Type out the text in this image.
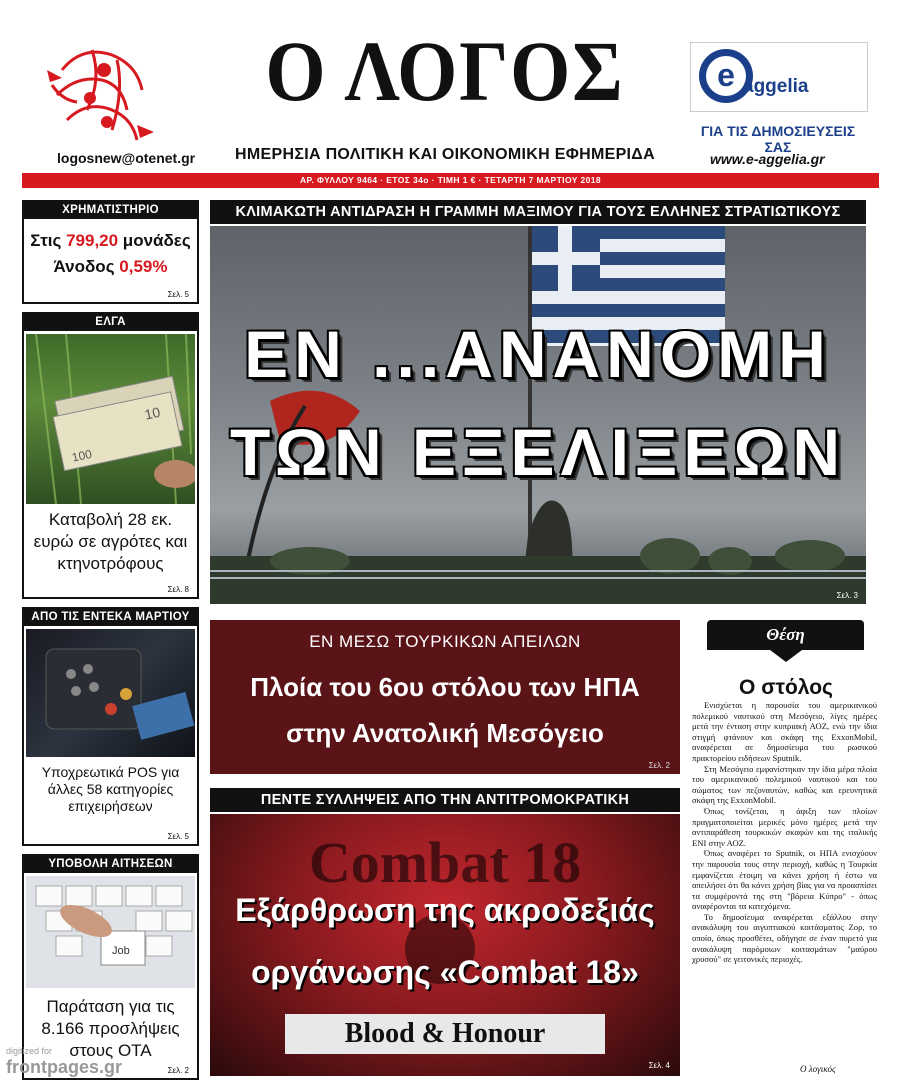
logosnew@otenet.gr
Ο ΛΟΓΟΣ
ΗΜΕΡΗΣΙΑ ΠΟΛΙΤΙΚΗ ΚΑΙ ΟΙΚΟΝΟΜΙΚΗ ΕΦΗΜΕΡΙΔΑ
e aggelia
ΓΙΑ ΤΙΣ ΔΗΜΟΣΙΕΥΣΕΙΣ ΣΑΣ
www.e-aggelia.gr
ΑΡ. ΦΥΛΛΟΥ 9464 · ΕΤΟΣ 34ο · ΤΙΜΗ 1 € · ΤΕΤΑΡΤΗ 7 ΜΑΡΤΙΟΥ 2018
ΧΡΗΜΑΤΙΣΤΗΡΙΟ
Στις 799,20 μονάδες
Άνοδος 0,59%
Σελ. 5
ΕΛΓΑ
100
10
Καταβολή 28 εκ. ευρώ σε αγρότες και κτηνοτρόφους
Σελ. 8
ΑΠΟ ΤΙΣ ΕΝΤΕΚΑ ΜΑΡΤΙΟΥ
Υποχρεωτικά POS για άλλες 58 κατηγορίες επιχειρήσεων
Σελ. 5
ΥΠΟΒΟΛΗ ΑΙΤΗΣΕΩΝ
Job
Παράταση για τις 8.166 προσλήψεις στους ΟΤΑ
Σελ. 2
ΚΛΙΜΑΚΩΤΗ ΑΝΤΙΔΡΑΣΗ Η ΓΡΑΜΜΗ ΜΑΞΙΜΟΥ ΓΙΑ ΤΟΥΣ ΕΛΛΗΝΕΣ ΣΤΡΑΤΙΩΤΙΚΟΥΣ
ΕΝ ...ΑΝΑΝΟΜΗ
ΤΩΝ ΕΞΕΛΙΞΕΩΝ
Σελ. 3
ΕΝ ΜΕΣΩ ΤΟΥΡΚΙΚΩΝ ΑΠΕΙΛΩΝ
Πλοία του 6ου στόλου των ΗΠΑ
στην Ανατολική Μεσόγειο
Σελ. 2
ΠΕΝΤΕ ΣΥΛΛΗΨΕΙΣ ΑΠΟ ΤΗΝ ΑΝΤΙΤΡΟΜΟΚΡΑΤΙΚΗ
Combat 18
Εξάρθρωση της ακροδεξιάς
οργάνωσης «Combat 18»
Blood & Honour
Σελ. 4
Θέση
Ο στόλος

Ενισχύεται η παρουσία του αμερικανικού πολεμικού ναυτικού στη Μεσόγειο, λίγες ημέρες μετά την ένταση στην κυπριακή ΑΟΖ, ενώ την ίδια στιγμή φτάνουν και σκάφη της ExxonMobil, αναφέρεται σε δημοσίευμα του ρωσικού πρακτορείου ειδήσεων Sputnik.

Στη Μεσόγειο εμφανίστηκαν την ίδια μέρα πλοία του αμερικανικού πολεμικού ναυτικού και του σώματος των πεζοναυτών, καθώς και ερευνητικά σκάφη της ExxonMobil.

Όπως τονίζεται, η άφιξη των πλοίων πραγματοποιείται μερικές μόνο ημέρες μετά την αντιπαράθεση τουρκικών σκαφών και της ιταλικής ENI στην ΑΟΖ.

Όπως αναφέρει το Sputnik, οι ΗΠΑ ενισχύουν την παρουσία τους στην περιοχή, καθώς η Τουρκία εμφανίζεται έτοιμη να κάνει χρήση ή έστω να απειλήσει ότι θα κάνει χρήση βίας για να προασπίσει τα συμφέροντά της στη "βόρεια Κύπρο" - όπως αναφέρονται τα κατεχόμενα.

Το δημοσίευμα αναφέρεται εξάλλου στην ανακάλυψη του αιγυπτιακού κοιτάσματος Ζορ, το οποίο, όπως προσθέτει, οδήγησε σε έναν πυρετό για ανακάλυψη παρόμοιων κοιτασμάτων "μαύρου χρυσού" σε γειτονικές περιοχές.

Ο λογικός
digitized for
frontpages.gr
